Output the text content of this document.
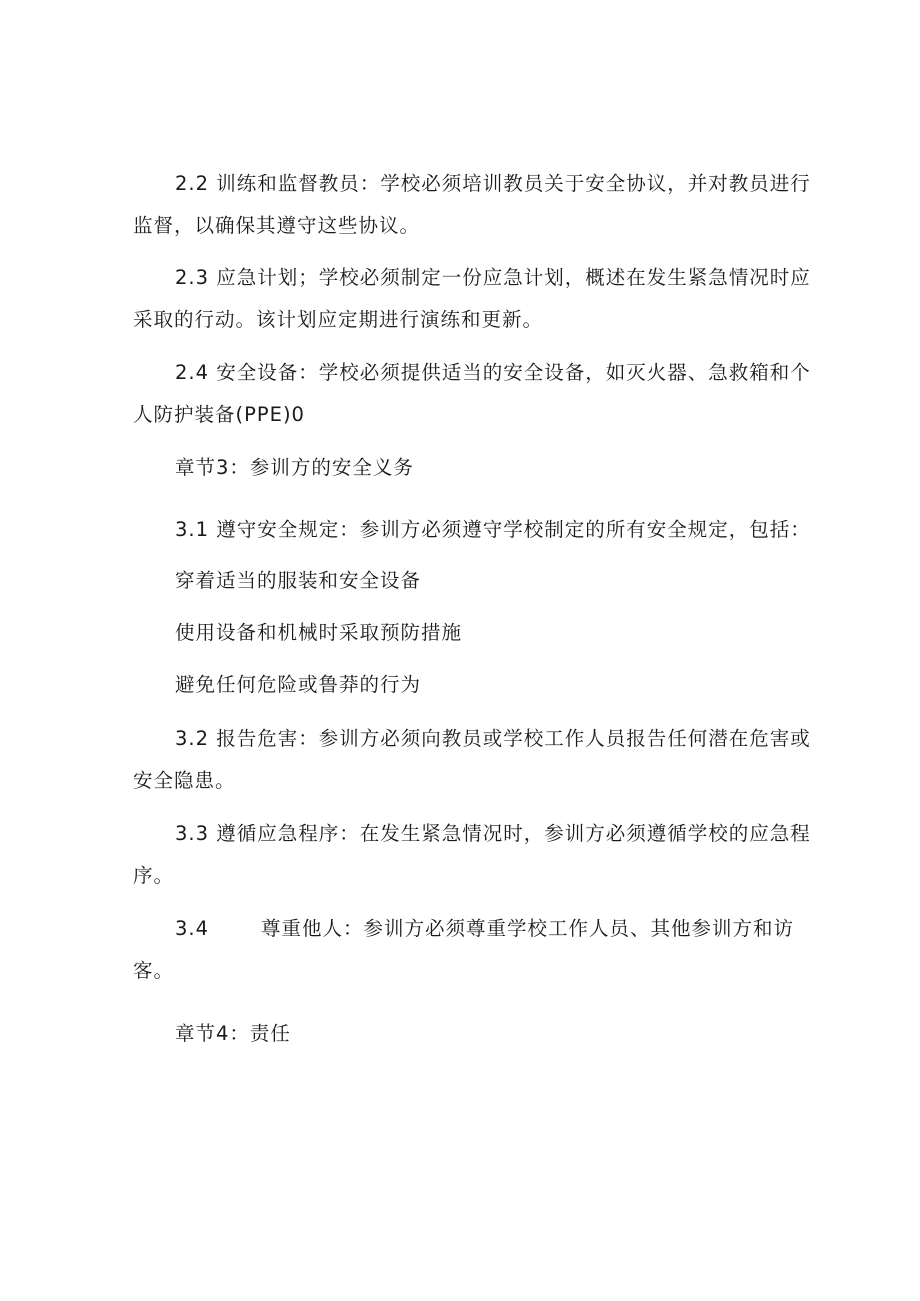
2.2 训练和监督教员：学校必须培训教员关于安全协议，并对教员进行
监督，以确保其遵守这些协议。

2.3 应急计划；学校必须制定一份应急计划，概述在发生紧急情况时应
采取的行动。该计划应定期进行演练和更新。

2.4 安全设备：学校必须提供适当的安全设备，如灭火器、急救箱和个
人防护装备(PPE)0

章节3：参训方的安全义务

3.1 遵守安全规定：参训方必须遵守学校制定的所有安全规定，包括：

穿着适当的服装和安全设备

使用设备和机械时采取预防措施

避免任何危险或鲁莽的行为

3.2 报告危害：参训方必须向教员或学校工作人员报告任何潜在危害或
安全隐患。

3.3 遵循应急程序：在发生紧急情况时，参训方必须遵循学校的应急程
序。

3.4	尊重他人：参训方必须尊重学校工作人员、其他参训方和访
客。

章节4：责任
